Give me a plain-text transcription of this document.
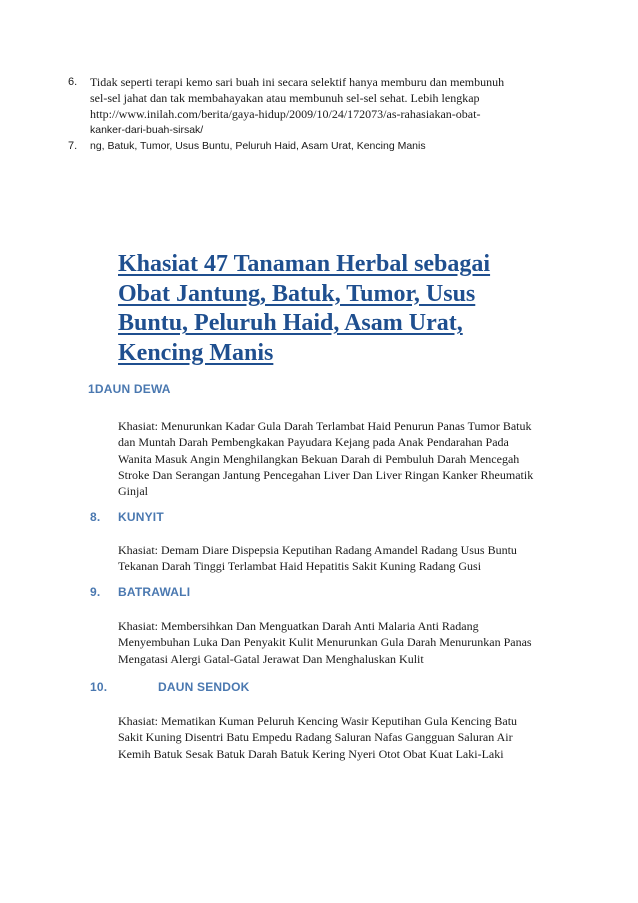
6. Tidak seperti terapi kemo sari buah ini secara selektif hanya memburu dan membunuh
sel-sel jahat dan tak membahayakan atau membunuh sel-sel sehat. Lebih lengkap
http://www.inilah.com/berita/gaya-hidup/2009/10/24/172073/as-rahasiakan-obat-
kanker-dari-buah-sirsak/
7. ng, Batuk, Tumor, Usus Buntu, Peluruh Haid, Asam Urat, Kencing Manis
Khasiat 47 Tanaman Herbal sebagai
Obat Jantung, Batuk, Tumor, Usus
Buntu, Peluruh Haid, Asam Urat,
Kencing Manis
1DAUN DEWA
Khasiat: Menurunkan Kadar Gula Darah Terlambat Haid Penurun Panas Tumor Batuk
dan Muntah Darah Pembengkakan Payudara Kejang pada Anak Pendarahan Pada
Wanita Masuk Angin Menghilangkan Bekuan Darah di Pembuluh Darah Mencegah
Stroke Dan Serangan Jantung Pencegahan Liver Dan Liver Ringan Kanker Rheumatik
Ginjal
8. KUNYIT
Khasiat: Demam Diare Dispepsia Keputihan Radang Amandel Radang Usus Buntu
Tekanan Darah Tinggi Terlambat Haid Hepatitis Sakit Kuning Radang Gusi
9. BATRAWALI
Khasiat: Membersihkan Dan Menguatkan Darah Anti Malaria Anti Radang
Menyembuhan Luka Dan Penyakit Kulit Menurunkan Gula Darah Menurunkan Panas
Mengatasi Alergi Gatal-Gatal Jerawat Dan Menghaluskan Kulit
10.	DAUN SENDOK
Khasiat: Mematikan Kuman Peluruh Kencing Wasir Keputihan Gula Kencing Batu
Sakit Kuning Disentri Batu Empedu Radang Saluran Nafas Gangguan Saluran Air
Kemih Batuk Sesak Batuk Darah Batuk Kering Nyeri Otot Obat Kuat Laki-Laki
